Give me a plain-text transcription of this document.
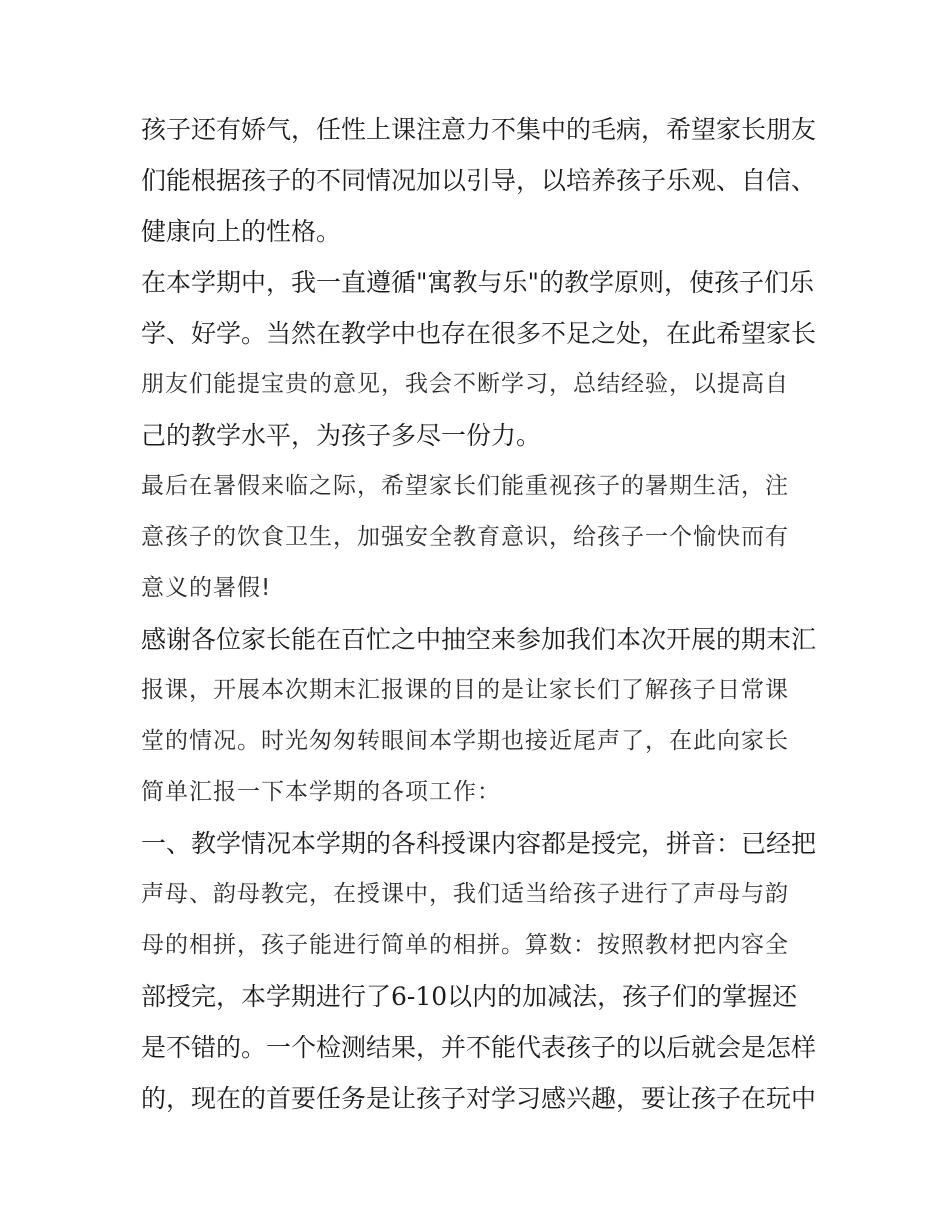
孩子还有娇气，任性上课注意力不集中的毛病，希望家长朋友
们能根据孩子的不同情况加以引导，以培养孩子乐观、自信、
健康向上的性格。
在本学期中，我一直遵循"寓教与乐"的教学原则，使孩子们乐
学、好学。当然在教学中也存在很多不足之处，在此希望家长
朋友们能提宝贵的意见，我会不断学习，总结经验，以提高自
己的教学水平，为孩子多尽一份力。
最后在暑假来临之际，希望家长们能重视孩子的暑期生活，注
意孩子的饮食卫生，加强安全教育意识，给孩子一个愉快而有
意义的暑假!
感谢各位家长能在百忙之中抽空来参加我们本次开展的期末汇
报课，开展本次期末汇报课的目的是让家长们了解孩子日常课
堂的情况。时光匆匆转眼间本学期也接近尾声了，在此向家长
简单汇报一下本学期的各项工作：
一、教学情况本学期的各科授课内容都是授完，拼音：已经把
声母、韵母教完，在授课中，我们适当给孩子进行了声母与韵
母的相拼，孩子能进行简单的相拼。算数：按照教材把内容全
部授完，本学期进行了6-10以内的加减法，孩子们的掌握还
是不错的。一个检测结果，并不能代表孩子的以后就会是怎样
的，现在的首要任务是让孩子对学习感兴趣，要让孩子在玩中
